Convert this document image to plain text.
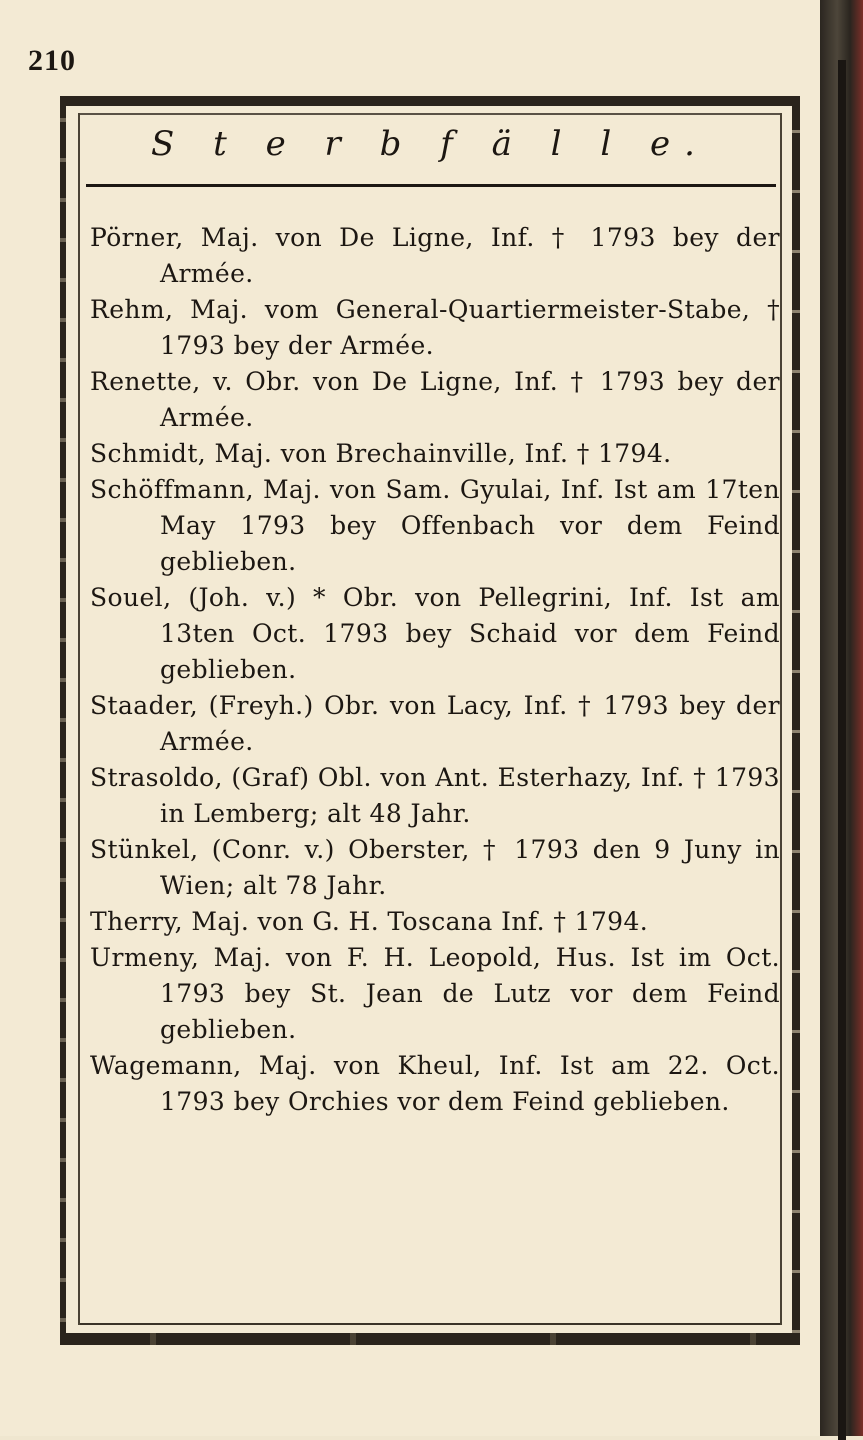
210
S t e r b f ä l l e.
Pörner, Maj. von De Ligne, Inf. † 1793 bey der Armée.
Rehm, Maj. vom General-Quartiermeister-Stabe, † 1793 bey der Armée.
Renette, v. Obr. von De Ligne, Inf. † 1793 bey der Armée.
Schmidt, Maj. von Brechainville, Inf. † 1794.
Schöffmann, Maj. von Sam. Gyulai, Inf. Ist am 17ten May 1793 bey Offenbach vor dem Feind geblieben.
Souel, (Joh. v.) * Obr. von Pellegrini, Inf. Ist am 13ten Oct. 1793 bey Schaid vor dem Feind geblieben.
Staader, (Freyh.) Obr. von Lacy, Inf. † 1793 bey der Armée.
Strasoldo, (Graf) Obl. von Ant. Esterhazy, Inf. † 1793 in Lemberg; alt 48 Jahr.
Stünkel, (Conr. v.) Oberster, † 1793 den 9 Juny in Wien; alt 78 Jahr.
Therry, Maj. von G. H. Toscana Inf. † 1794.
Urmeny, Maj. von F. H. Leopold, Hus. Ist im Oct. 1793 bey St. Jean de Lutz vor dem Feind geblieben.
Wagemann, Maj. von Kheul, Inf. Ist am 22. Oct. 1793 bey Orchies vor dem Feind geblieben.
